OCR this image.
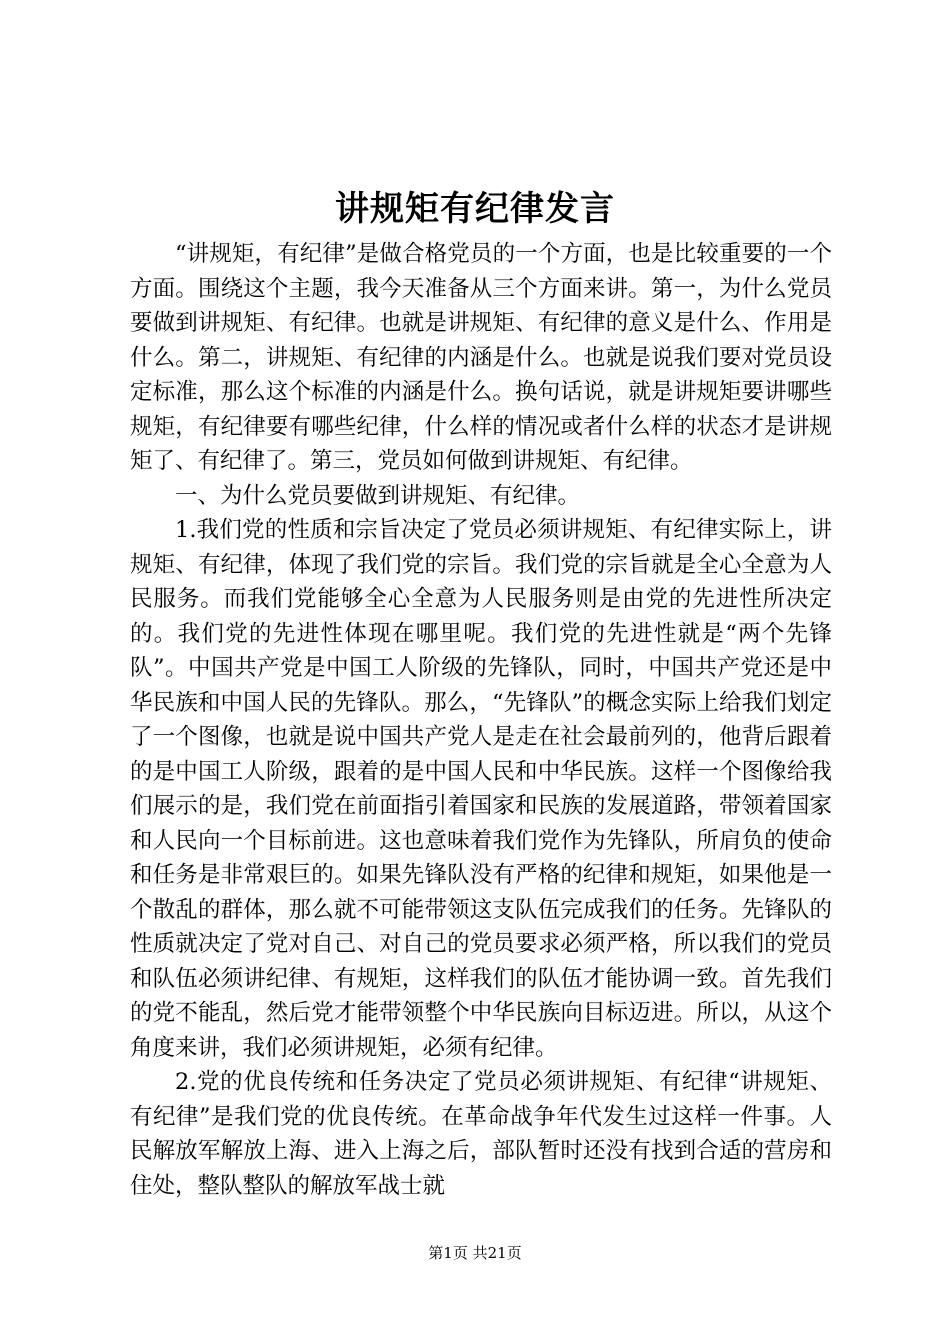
讲规矩有纪律发言

“讲规矩，有纪律”是做合格党员的一个方面，也是比较重要的一个方面。围绕这个主题，我今天准备从三个方面来讲。第一，为什么党员要做到讲规矩、有纪律。也就是讲规矩、有纪律的意义是什么、作用是什么。第二，讲规矩、有纪律的内涵是什么。也就是说我们要对党员设定标准，那么这个标准的内涵是什么。换句话说，就是讲规矩要讲哪些规矩，有纪律要有哪些纪律，什么样的情况或者什么样的状态才是讲规矩了、有纪律了。第三，党员如何做到讲规矩、有纪律。

一、为什么党员要做到讲规矩、有纪律。

1.我们党的性质和宗旨决定了党员必须讲规矩、有纪律实际上，讲规矩、有纪律，体现了我们党的宗旨。我们党的宗旨就是全心全意为人民服务。而我们党能够全心全意为人民服务则是由党的先进性所决定的。我们党的先进性体现在哪里呢。我们党的先进性就是“两个先锋队”。中国共产党是中国工人阶级的先锋队，同时，中国共产党还是中华民族和中国人民的先锋队。那么，“先锋队”的概念实际上给我们划定了一个图像，也就是说中国共产党人是走在社会最前列的，他背后跟着的是中国工人阶级，跟着的是中国人民和中华民族。这样一个图像给我们展示的是，我们党在前面指引着国家和民族的发展道路，带领着国家和人民向一个目标前进。这也意味着我们党作为先锋队，所肩负的使命和任务是非常艰巨的。如果先锋队没有严格的纪律和规矩，如果他是一个散乱的群体，那么就不可能带领这支队伍完成我们的任务。先锋队的性质就决定了党对自己、对自己的党员要求必须严格，所以我们的党员和队伍必须讲纪律、有规矩，这样我们的队伍才能协调一致。首先我们的党不能乱，然后党才能带领整个中华民族向目标迈进。所以，从这个角度来讲，我们必须讲规矩，必须有纪律。

2.党的优良传统和任务决定了党员必须讲规矩、有纪律“讲规矩、有纪律”是我们党的优良传统。在革命战争年代发生过这样一件事。人民解放军解放上海、进入上海之后，部队暂时还没有找到合适的营房和住处，整队整队的解放军战士就

第1页 共21页
